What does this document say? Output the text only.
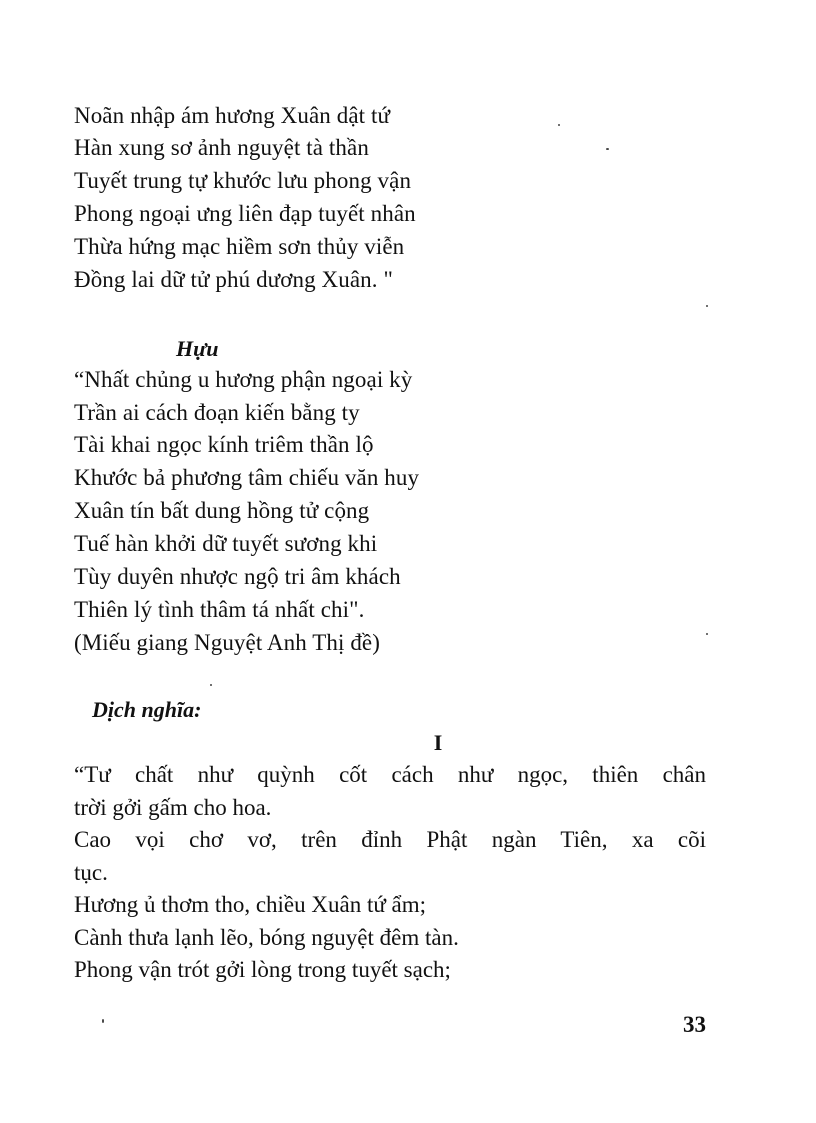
Noãn nhập ám hương Xuân dật tứ
Hàn xung sơ ảnh nguyệt tà thần
Tuyết trung tự khước lưu phong vận
Phong ngoại ưng liên đạp tuyết nhân
Thừa hứng mạc hiềm sơn thủy viễn
Đồng lai dữ tử phú dương Xuân. "
Hựu
“Nhất chủng u hương phận ngoại kỳ
Trần ai cách đoạn kiến bằng ty
Tài khai ngọc kính triêm thần lộ
Khước bả phương tâm chiếu văn huy
Xuân tín bất dung hồng tử cộng
Tuế hàn khởi dữ tuyết sương khi
Tùy duyên nhược ngộ tri âm khách
Thiên lý tình thâm tá nhất chi".
(Miếu giang Nguyệt Anh Thị đề)
Dịch nghĩa:
I

“Tư chất như quỳnh cốt cách như ngọc, thiên chân

trời gởi gấm cho hoa.

Cao vọi chơ vơ, trên đỉnh Phật ngàn Tiên, xa cõi

tục.

Hương ủ thơm tho, chiều Xuân tứ ẩm;

Cành thưa lạnh lẽo, bóng nguyệt đêm tàn.

Phong vận trót gởi lòng trong tuyết sạch;

33
